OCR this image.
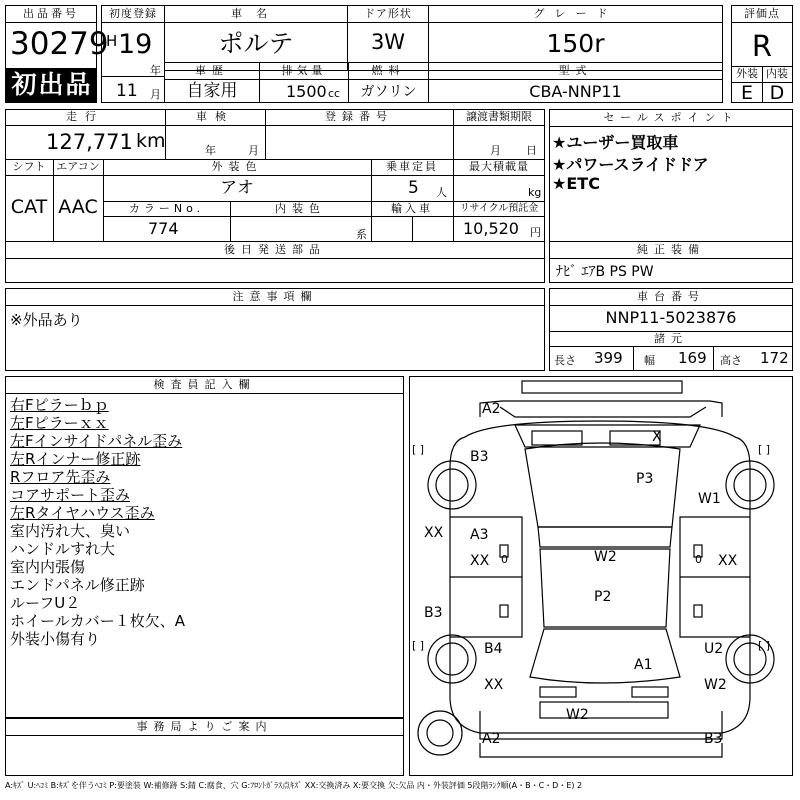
出品番号
30279
初出品
初度登録
H 19
年
11 月
車名
ポルテ
ドア形状
3W
グレード
150r
評価点
R
外装 内装
E D
車歴
自家用
排気量
1500 cc
燃料
ガソリン
型式
CBA-NNP11
走行
127,771 km
車検
年	月
登録番号	譲渡書類期限
月 日
シフト エアコン
CAT AAC
外装色
アオ
乗車定員
5 人
最大積載量
kg
カラーNo.
774
内装色
系
輸入車	リサイクル預託金
10,520 円
後日発送部品
セールスポイント
★ユーザー買取車
★パワースライドドア
★ETC
純正装備
ﾅﾋﾞ ｴｱB PS PW
注意事項欄
※外品あり
車台番号
NNP11-5023876
諸元
長さ 399 幅 169 高さ 172
検査員記入欄
右Fピラーｂｐ
左Fピラーｘｘ
左Fインサイドパネル歪み
左Rインナー修正跡
Rフロア先歪み
コアサポート歪み
左Rタイヤハウス歪み
室内汚れ大、臭い
ハンドルすれ大
室内内張傷
エンドパネル修正跡
ルーフU２
ホイールカバー１枚欠、A
外装小傷有り
事務局よりご案内
[ ]	[ ]
[ ]	[ ]
A2
X
B3
P3
W1
XX A3
XX 0	W2	0 XX
B3
P2
B4	U2
A1
XX	W2
W2
A2	B3
A:ｷｽﾞ U:ﾍｺﾐ B:ｷｽﾞを伴うﾍｺﾐ P:要塗装 W:補修跡 S:錆 C:腐食、穴 G:ﾌﾛﾝﾄｶﾞﾗｽ点ｷｽﾞ XX:交換済み X:要交換 欠:欠品 内・外装評価 5段階ﾗﾝｸ順(A・B・C・D・E) 2
